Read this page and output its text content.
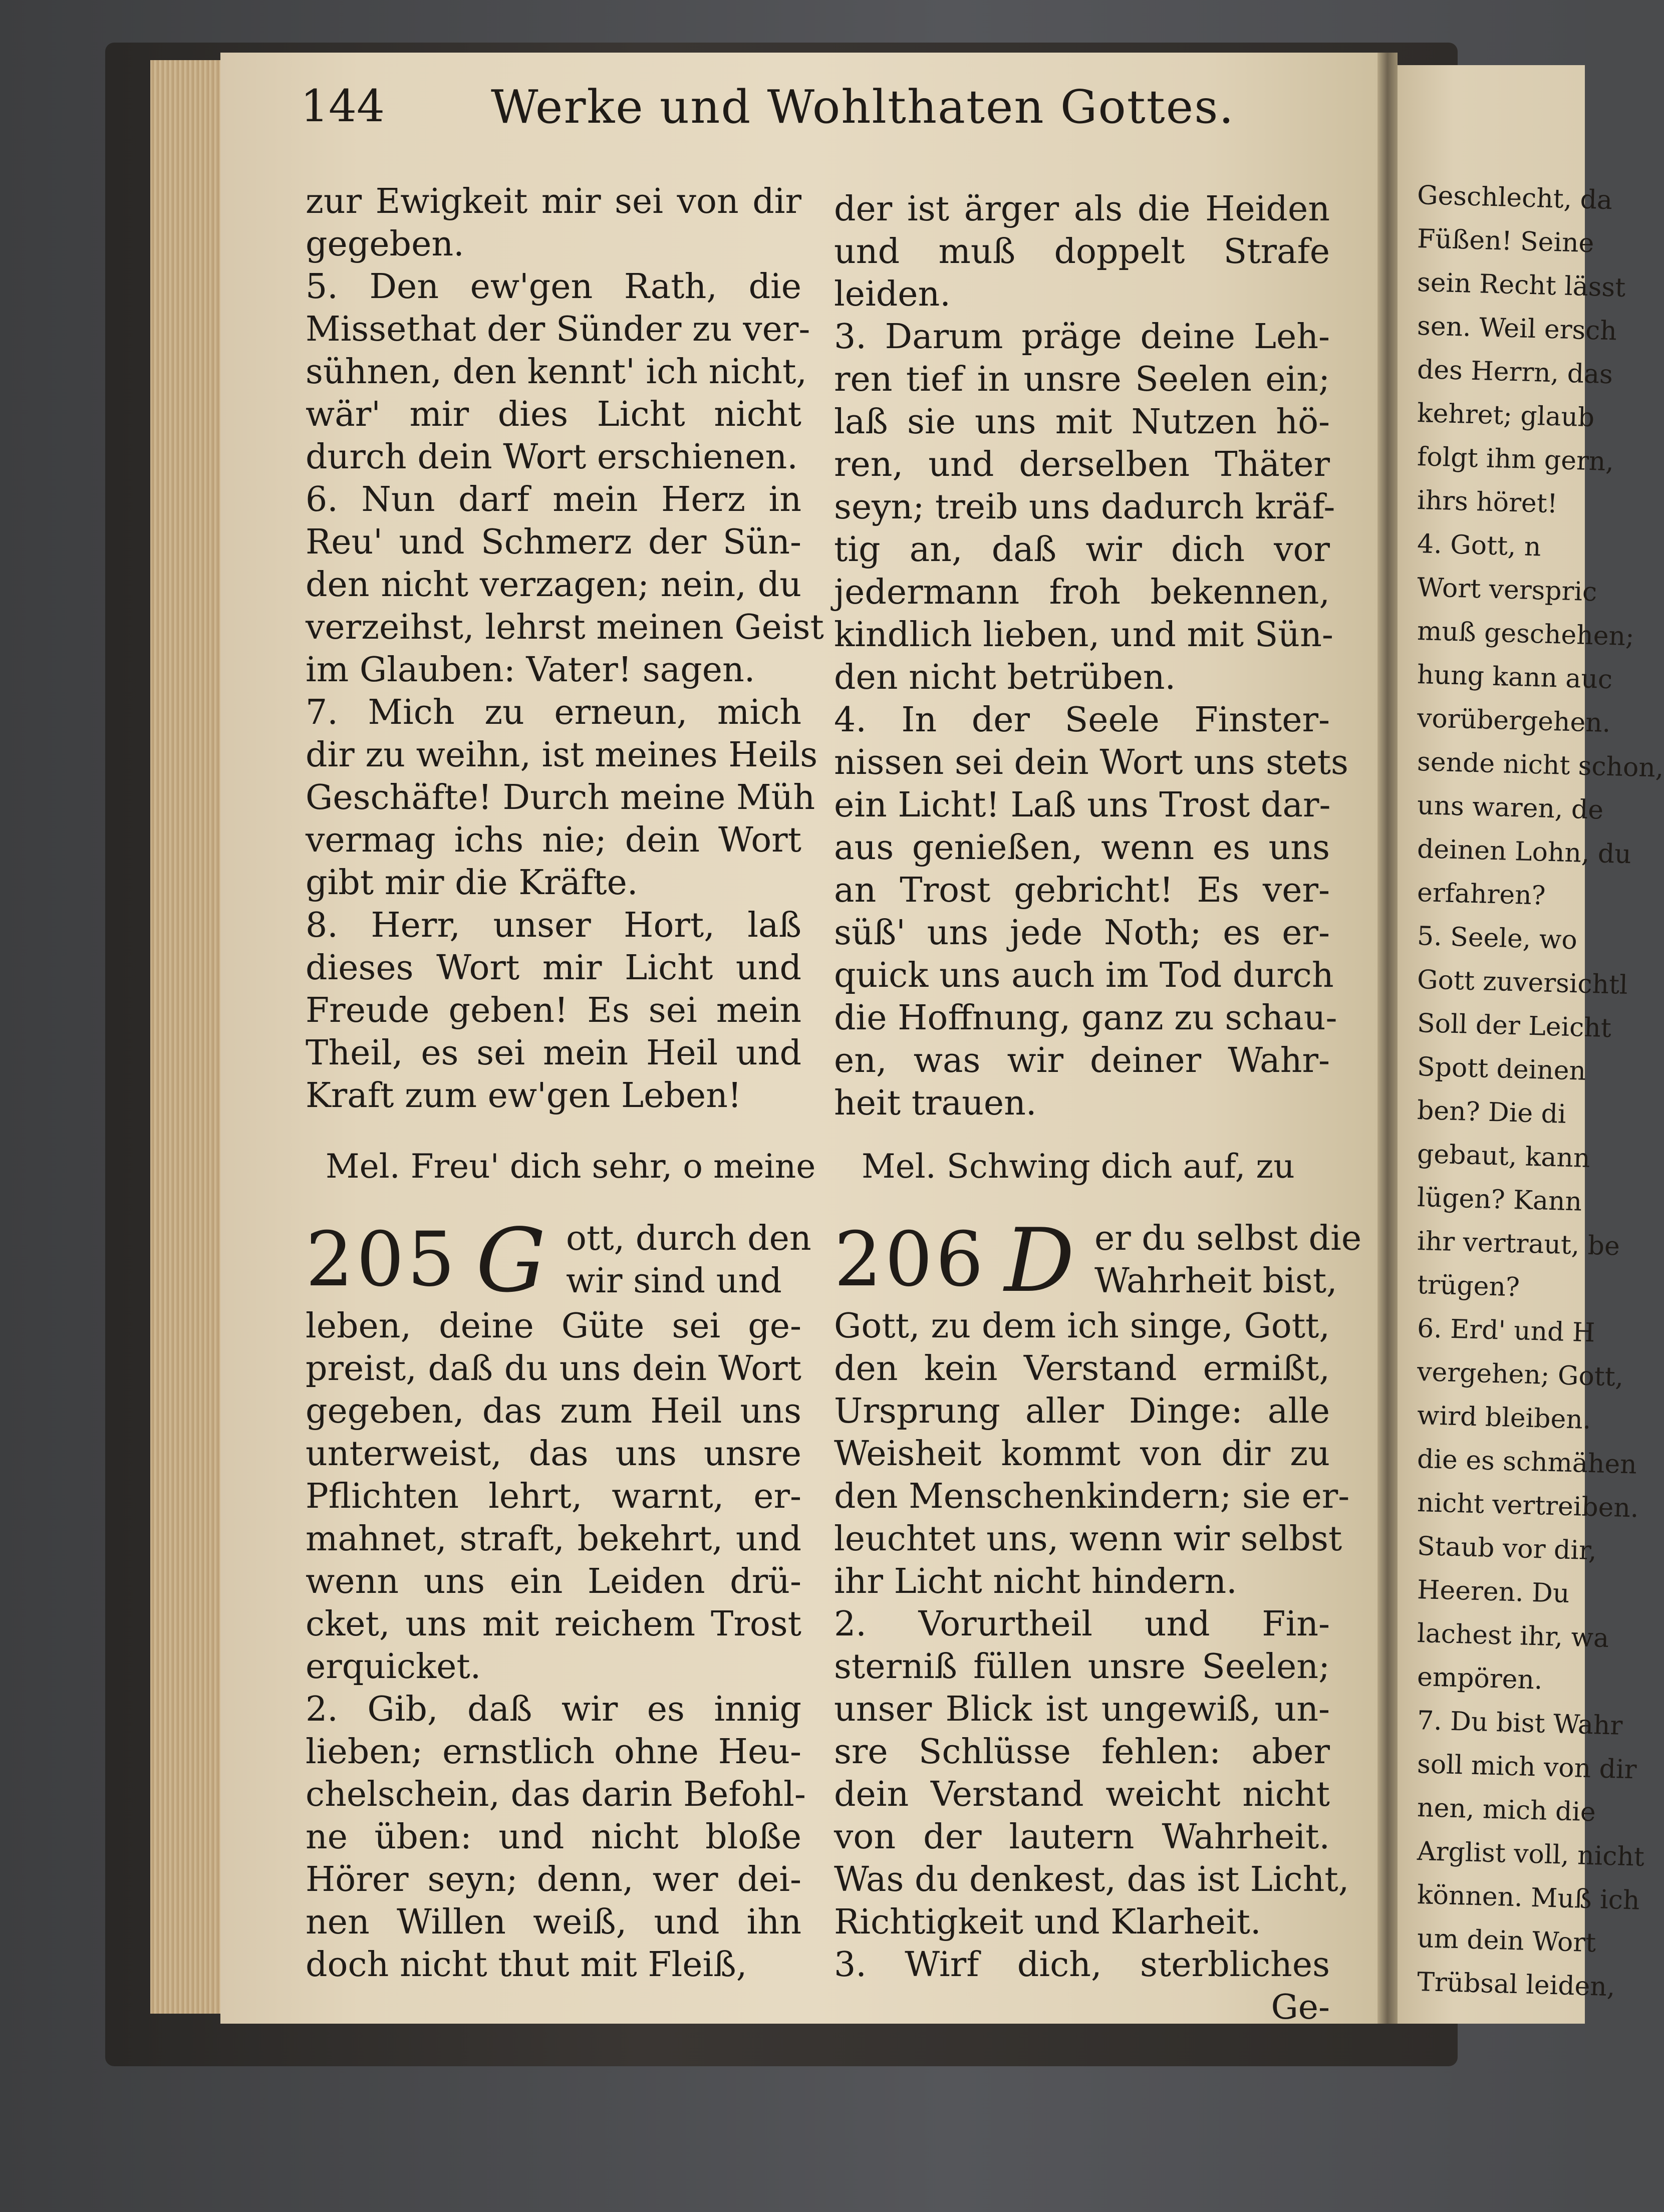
Geschlecht, da
Füßen! Seine
sein Recht lässt
sen. Weil ersch
des Herrn, das
kehret; glaub
folgt ihm gern,
ihrs höret!
4. Gott, n
Wort verspric
muß geschehen;
hung kann auc
vorübergehen.
sende nicht schon,
uns waren, de
deinen Lohn, du
erfahren?
5. Seele, wo
Gott zuversichtl
Soll der Leicht
Spott deinen
ben? Die di
gebaut, kann
lügen? Kann
ihr vertraut, be
trügen?
6. Erd' und H
vergehen; Gott,
wird bleiben.
die es schmähen
nicht vertreiben.
Staub vor dir,
Heeren. Du
lachest ihr, wa
empören.
7. Du bist Wahr
soll mich von dir
nen, mich die
Arglist voll, nicht
können. Muß ich
um dein Wort
Trübsal leiden,
144 Werke und Wohlthaten Gottes.
zur Ewigkeit mir sei von dir
gegeben.
5. Den ew'gen Rath, die
Missethat der Sünder zu ver-
sühnen, den kennt' ich nicht,
wär' mir dies Licht nicht
durch dein Wort erschienen.
6. Nun darf mein Herz in
Reu' und Schmerz der Sün-
den nicht verzagen; nein, du
verzeihst, lehrst meinen Geist
im Glauben: Vater! sagen.
7. Mich zu erneun, mich
dir zu weihn, ist meines Heils
Geschäfte! Durch meine Müh
vermag ichs nie; dein Wort
gibt mir die Kräfte.
8. Herr, unser Hort, laß
dieses Wort mir Licht und
Freude geben! Es sei mein
Theil, es sei mein Heil und
Kraft zum ew'gen Leben!
der ist ärger als die Heiden
und muß doppelt Strafe
leiden.
3. Darum präge deine Leh-
ren tief in unsre Seelen ein;
laß sie uns mit Nutzen hö-
ren, und derselben Thäter
seyn; treib uns dadurch kräf-
tig an, daß wir dich vor
jedermann froh bekennen,
kindlich lieben, und mit Sün-
den nicht betrüben.
4. In der Seele Finster-
nissen sei dein Wort uns stets
ein Licht! Laß uns Trost dar-
aus genießen, wenn es uns
an Trost gebricht! Es ver-
süß' uns jede Noth; es er-
quick uns auch im Tod durch
die Hoffnung, ganz zu schau-
en, was wir deiner Wahr-
heit trauen.
Mel. Freu' dich sehr, o meine Mel. Schwing dich auf, zu
205 G ott, durch den
wir sind und 206 D er du selbst die
Wahrheit bist,
leben, deine Güte sei ge-
preist, daß du uns dein Wort
gegeben, das zum Heil uns
unterweist, das uns unsre
Pflichten lehrt, warnt, er-
mahnet, straft, bekehrt, und
wenn uns ein Leiden drü-
cket, uns mit reichem Trost
erquicket.
2. Gib, daß wir es innig
lieben; ernstlich ohne Heu-
chelschein, das darin Befohl-
ne üben: und nicht bloße
Hörer seyn; denn, wer dei-
nen Willen weiß, und ihn
doch nicht thut mit Fleiß,
Gott, zu dem ich singe, Gott,
den kein Verstand ermißt,
Ursprung aller Dinge: alle
Weisheit kommt von dir zu
den Menschenkindern; sie er-
leuchtet uns, wenn wir selbst
ihr Licht nicht hindern.
2. Vorurtheil und Fin-
sterniß füllen unsre Seelen;
unser Blick ist ungewiß, un-
sre Schlüsse fehlen: aber
dein Verstand weicht nicht
von der lautern Wahrheit.
Was du denkest, das ist Licht,
Richtigkeit und Klarheit.
3. Wirf dich, sterbliches
Ge-
